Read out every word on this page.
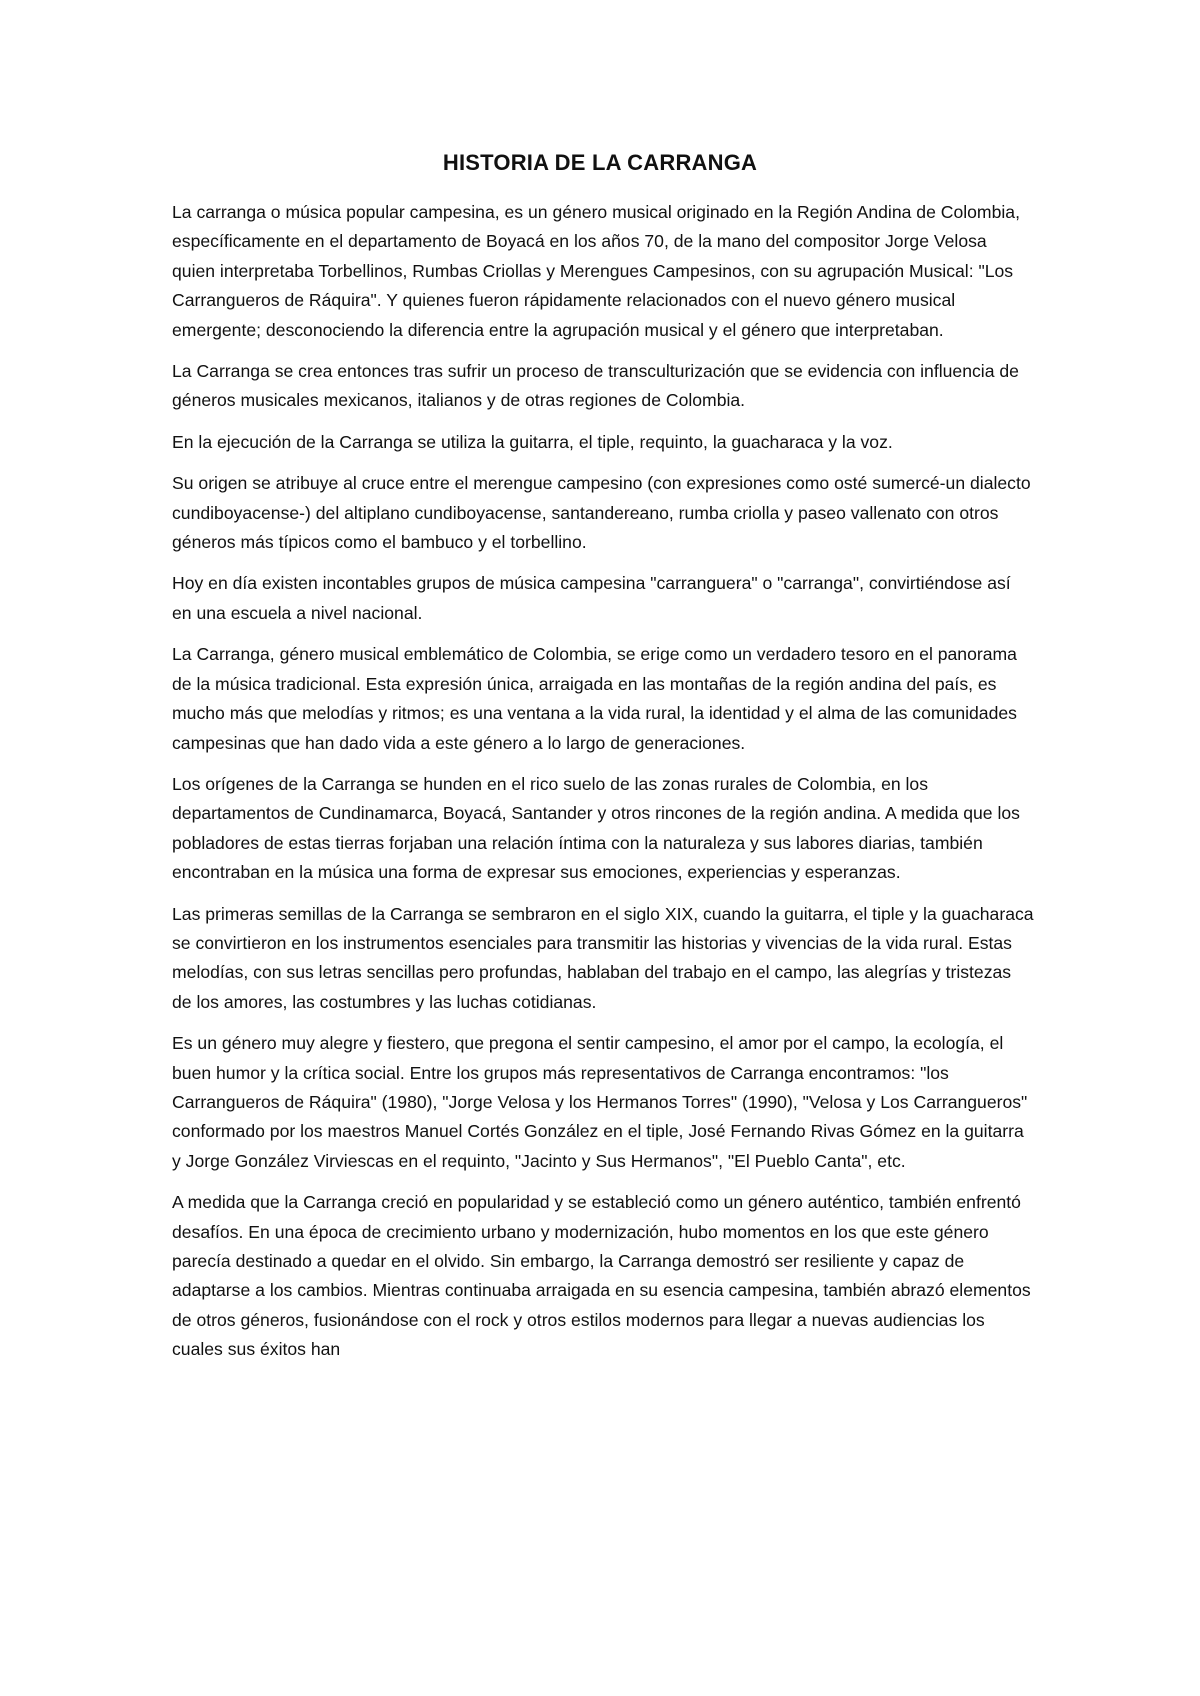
HISTORIA DE LA CARRANGA

La carranga o música popular campesina, es un género musical originado en la Región Andina de Colombia, específicamente en el departamento de Boyacá en los años 70, de la mano del compositor Jorge Velosa quien interpretaba Torbellinos, Rumbas Criollas y Merengues Campesinos, con su agrupación Musical: "Los Carrangueros de Ráquira". Y quienes fueron rápidamente relacionados con el nuevo género musical emergente; desconociendo la diferencia entre la agrupación musical y el género que interpretaban.

La Carranga se crea entonces tras sufrir un proceso de transculturización que se evidencia con influencia de géneros musicales mexicanos, italianos y de otras regiones de Colombia.

En la ejecución de la Carranga se utiliza la guitarra, el tiple, requinto, la guacharaca y la voz.

Su origen se atribuye al cruce entre el merengue campesino (con expresiones como osté sumercé-un dialecto cundiboyacense-) del altiplano cundiboyacense, santandereano, rumba criolla y paseo vallenato con otros géneros más típicos como el bambuco y el torbellino.

Hoy en día existen incontables grupos de música campesina "carranguera" o "carranga", convirtiéndose así en una escuela a nivel nacional.

La Carranga, género musical emblemático de Colombia, se erige como un verdadero tesoro en el panorama de la música tradicional. Esta expresión única, arraigada en las montañas de la región andina del país, es mucho más que melodías y ritmos; es una ventana a la vida rural, la identidad y el alma de las comunidades campesinas que han dado vida a este género a lo largo de generaciones.

Los orígenes de la Carranga se hunden en el rico suelo de las zonas rurales de Colombia, en los departamentos de Cundinamarca, Boyacá, Santander y otros rincones de la región andina. A medida que los pobladores de estas tierras forjaban una relación íntima con la naturaleza y sus labores diarias, también encontraban en la música una forma de expresar sus emociones, experiencias y esperanzas.

Las primeras semillas de la Carranga se sembraron en el siglo XIX, cuando la guitarra, el tiple y la guacharaca se convirtieron en los instrumentos esenciales para transmitir las historias y vivencias de la vida rural. Estas melodías, con sus letras sencillas pero profundas, hablaban del trabajo en el campo, las alegrías y tristezas de los amores, las costumbres y las luchas cotidianas.

Es un género muy alegre y fiestero, que pregona el sentir campesino, el amor por el campo, la ecología, el buen humor y la crítica social. Entre los grupos más representativos de Carranga encontramos: "los Carrangueros de Ráquira" (1980), "Jorge Velosa y los Hermanos Torres" (1990), "Velosa y Los Carrangueros" conformado por los maestros Manuel Cortés González en el tiple, José Fernando Rivas Gómez en la guitarra y Jorge González Virviescas en el requinto, "Jacinto y Sus Hermanos", "El Pueblo Canta", etc.

A medida que la Carranga creció en popularidad y se estableció como un género auténtico, también enfrentó desafíos. En una época de crecimiento urbano y modernización, hubo momentos en los que este género parecía destinado a quedar en el olvido. Sin embargo, la Carranga demostró ser resiliente y capaz de adaptarse a los cambios. Mientras continuaba arraigada en su esencia campesina, también abrazó elementos de otros géneros, fusionándose con el rock y otros estilos modernos para llegar a nuevas audiencias los cuales sus éxitos han
